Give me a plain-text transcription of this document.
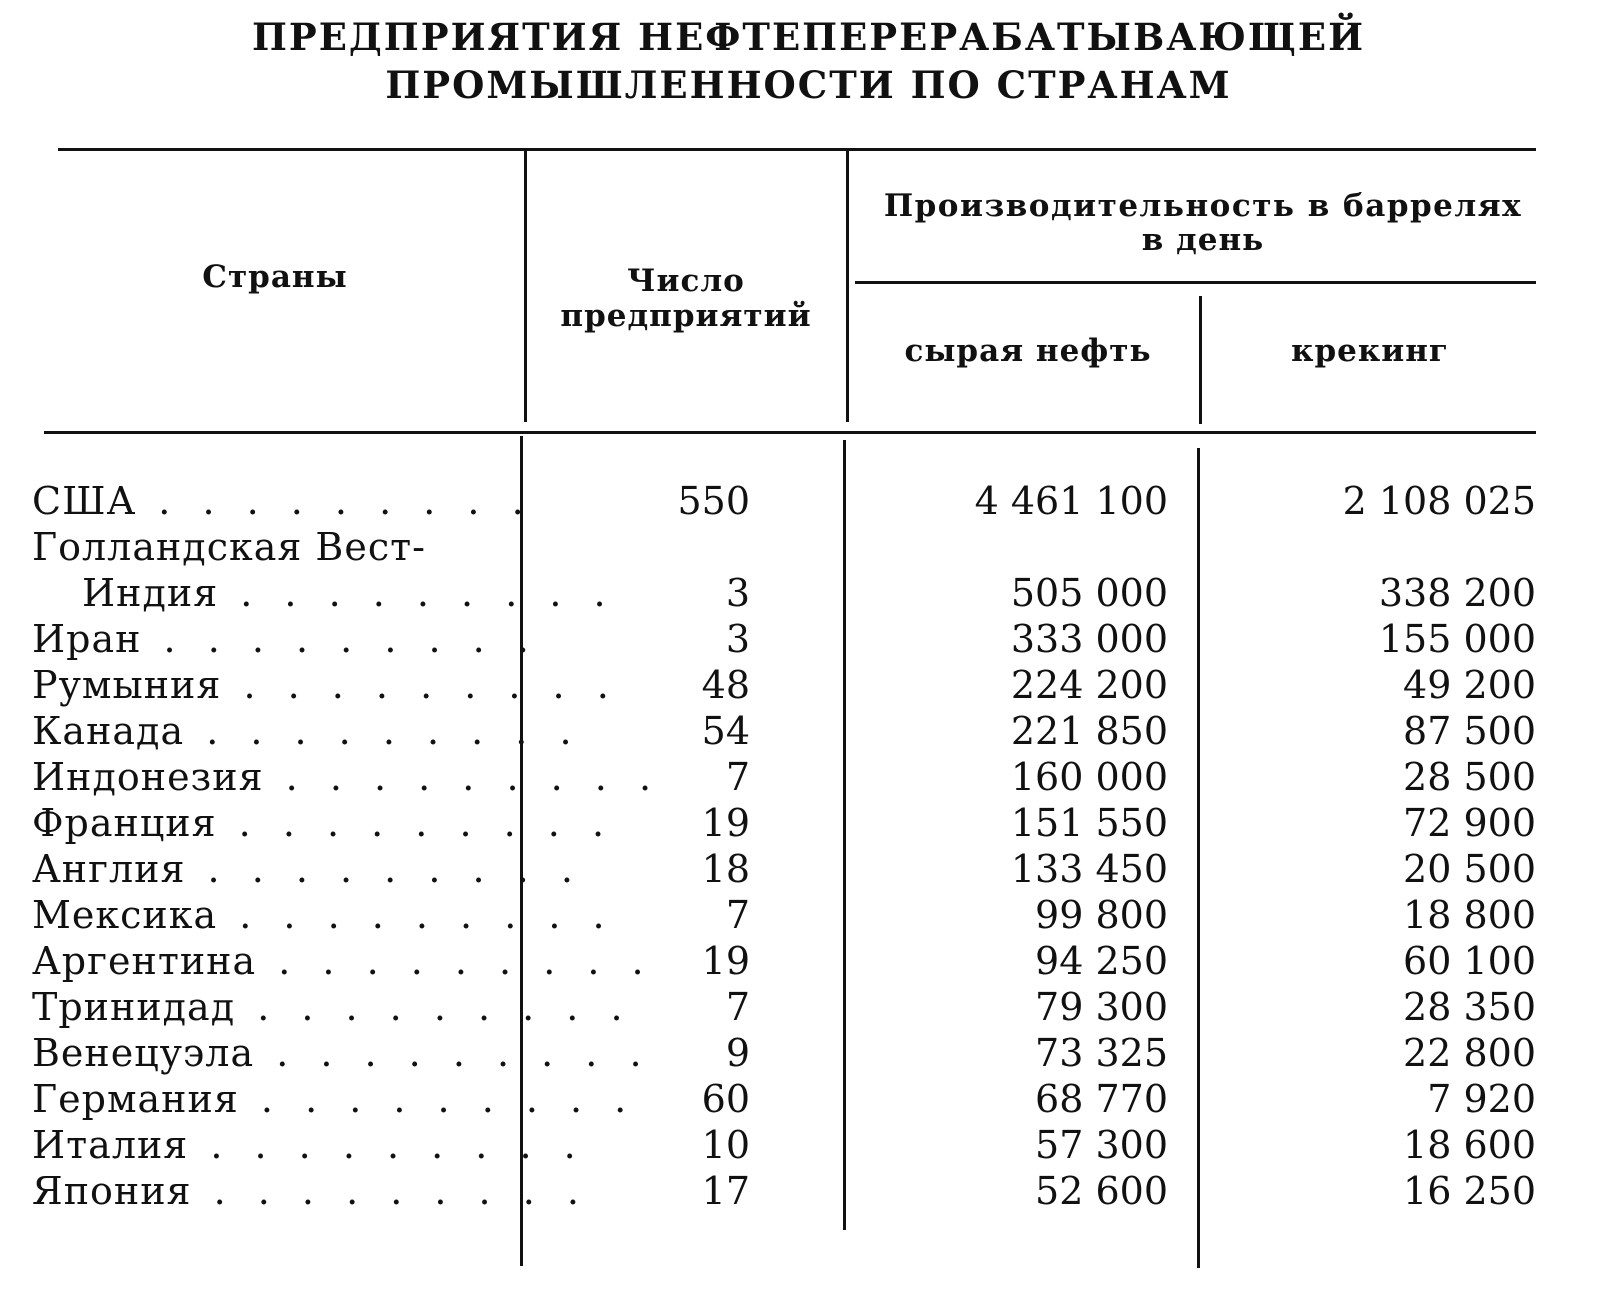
ПРЕДПРИЯТИЯ НЕФТЕПЕРЕРАБАТЫВАЮЩЕЙ
ПРОМЫШЛЕННОСТИ ПО СТРАНАМ
Страны	Число
предприятий
Производительность в баррелях
в день
сырая нефть	крекинг
США . . . . . . . . .	550	4 461 100	2 108 025
Голландская Вест-
Индия . . . . . . . . .	3	505 000	338 200
Иран . . . . . . . . .	3	333 000	155 000
Румыния . . . . . . . . .	48	224 200	49 200
Канада . . . . . . . . .	54	221 850	87 500
Индонезия . . . . . . . . .	7	160 000	28 500
Франция . . . . . . . . .	19	151 550	72 900
Англия . . . . . . . . .	18	133 450	20 500
Мексика . . . . . . . . .	7	99 800	18 800
Аргентина . . . . . . . . .	19	94 250	60 100
Тринидад . . . . . . . . .	7	79 300	28 350
Венецуэла . . . . . . . . .	9	73 325	22 800
Германия . . . . . . . . .	60	68 770	7 920
Италия . . . . . . . . .	10	57 300	18 600
Япония . . . . . . . . .	17	52 600	16 250
